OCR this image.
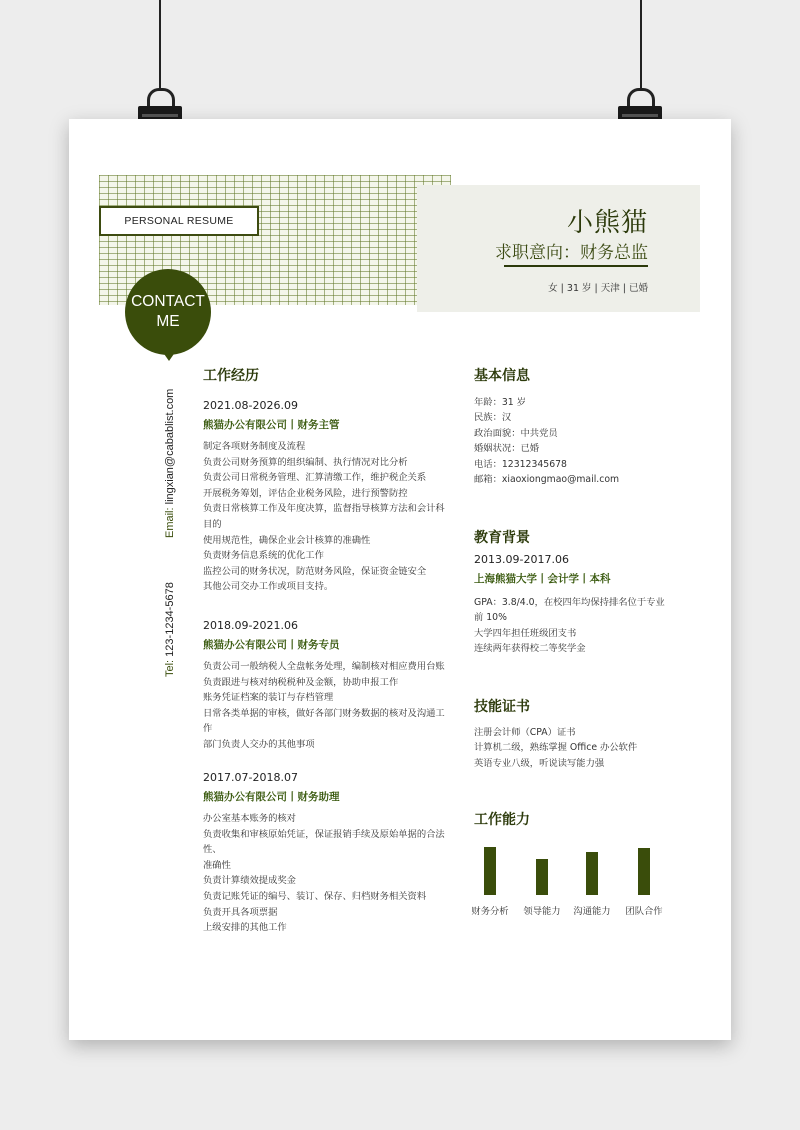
PERSONAL RESUME	小熊猫
求职意向：财务总监
女 | 31 岁 | 天津 | 已婚
CONTACT
ME
Email: lingxian@cabablist.com
Tel: 123-1234-5678
工作经历
2021.08-2026.09
熊猫办公有限公司丨财务主管
制定各项财务制度及流程
负责公司财务预算的组织编制、执行情况对比分析
负责公司日常税务管理、汇算清缴工作，维护税企关系
开展税务筹划，评估企业税务风险，进行预警防控
负责日常核算工作及年度决算，监督指导核算方法和会计科目的
使用规范性，确保企业会计核算的准确性
负责财务信息系统的优化工作
监控公司的财务状况，防范财务风险，保证资金链安全
其他公司交办工作或项目支持。
2018.09-2021.06
熊猫办公有限公司丨财务专员
负责公司一般纳税人全盘帐务处理，编制核对相应费用台账
负责跟进与核对纳税税种及金额，协助申报工作
账务凭证档案的装订与存档管理
日常各类单据的审核，做好各部门财务数据的核对及沟通工作
部门负责人交办的其他事项
2017.07-2018.07
熊猫办公有限公司丨财务助理
办公室基本账务的核对
负责收集和审核原始凭证，保证报销手续及原始单据的合法性、
准确性
负责计算绩效提成奖金
负责记账凭证的编号、装订、保存、归档财务相关资料
负责开具各项票据
上级安排的其他工作
基本信息
年龄：31 岁
民族：汉
政治面貌：中共党员
婚姻状况：已婚
电话：12312345678
邮箱：xiaoxiongmao@mail.com
教育背景
2013.09-2017.06
上海熊猫大学丨会计学丨本科
GPA：3.8/4.0，在校四年均保持排名位于专业
前 10%
大学四年担任班级团支书
连续两年获得校二等奖学金
技能证书
注册会计师（CPA）证书
计算机二级，熟练掌握 Office 办公软件
英语专业八级，听说读写能力强
工作能力
财务分析	领导能力	沟通能力	团队合作
